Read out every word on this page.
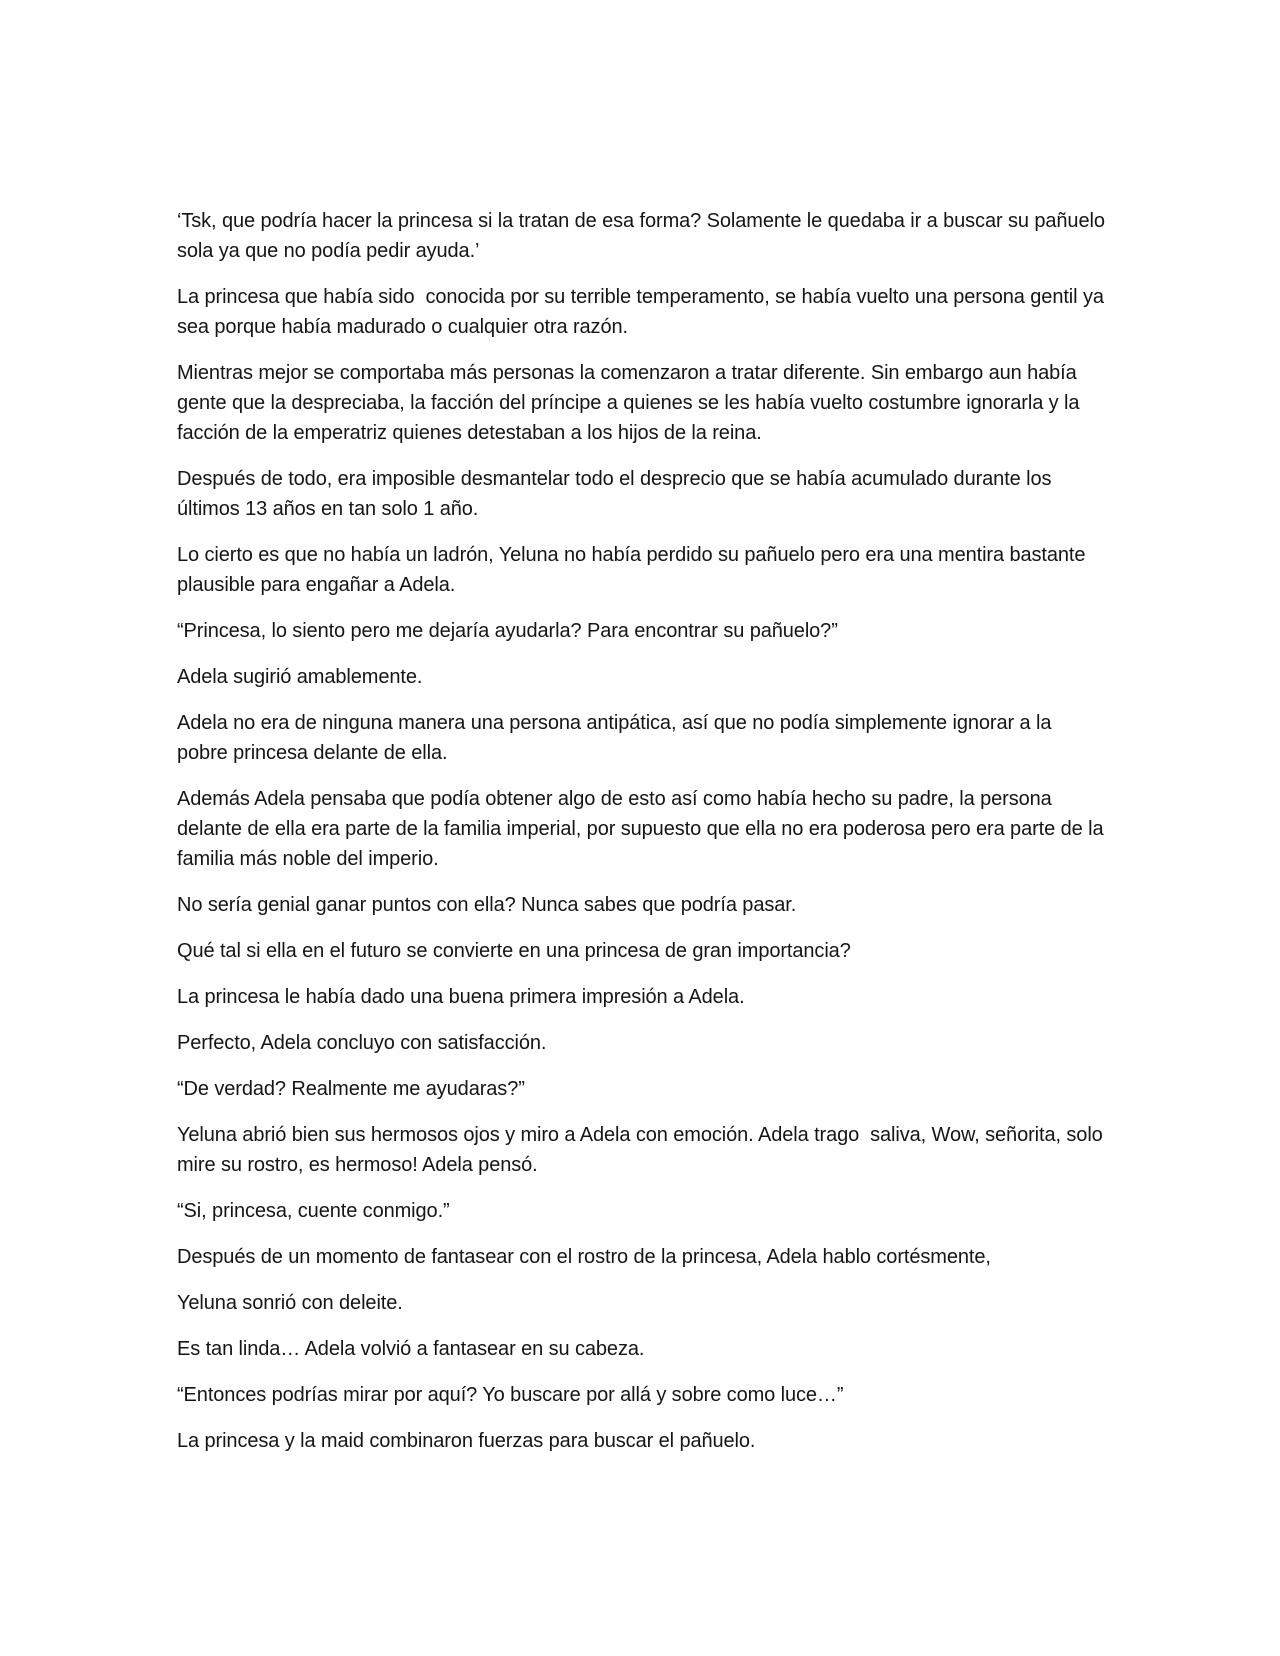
‘Tsk, que podría hacer la princesa si la tratan de esa forma? Solamente le quedaba ir a buscar su pañuelo sola ya que no podía pedir ayuda.’

La princesa que había sido  conocida por su terrible temperamento, se había vuelto una persona gentil ya sea porque había madurado o cualquier otra razón.

Mientras mejor se comportaba más personas la comenzaron a tratar diferente. Sin embargo aun había gente que la despreciaba, la facción del príncipe a quienes se les había vuelto costumbre ignorarla y la facción de la emperatriz quienes detestaban a los hijos de la reina.

Después de todo, era imposible desmantelar todo el desprecio que se había acumulado durante los últimos 13 años en tan solo 1 año.

Lo cierto es que no había un ladrón, Yeluna no había perdido su pañuelo pero era una mentira bastante plausible para engañar a Adela.

“Princesa, lo siento pero me dejaría ayudarla? Para encontrar su pañuelo?”

Adela sugirió amablemente.

Adela no era de ninguna manera una persona antipática, así que no podía simplemente ignorar a la pobre princesa delante de ella.

Además Adela pensaba que podía obtener algo de esto así como había hecho su padre, la persona delante de ella era parte de la familia imperial, por supuesto que ella no era poderosa pero era parte de la familia más noble del imperio.

No sería genial ganar puntos con ella? Nunca sabes que podría pasar.

Qué tal si ella en el futuro se convierte en una princesa de gran importancia?

La princesa le había dado una buena primera impresión a Adela.

Perfecto, Adela concluyo con satisfacción.

“De verdad? Realmente me ayudaras?”

Yeluna abrió bien sus hermosos ojos y miro a Adela con emoción. Adela trago  saliva, Wow, señorita, solo mire su rostro, es hermoso! Adela pensó.

“Si, princesa, cuente conmigo.”

Después de un momento de fantasear con el rostro de la princesa, Adela hablo cortésmente,

Yeluna sonrió con deleite.

Es tan linda… Adela volvió a fantasear en su cabeza.

“Entonces podrías mirar por aquí? Yo buscare por allá y sobre como luce…”

La princesa y la maid combinaron fuerzas para buscar el pañuelo.
